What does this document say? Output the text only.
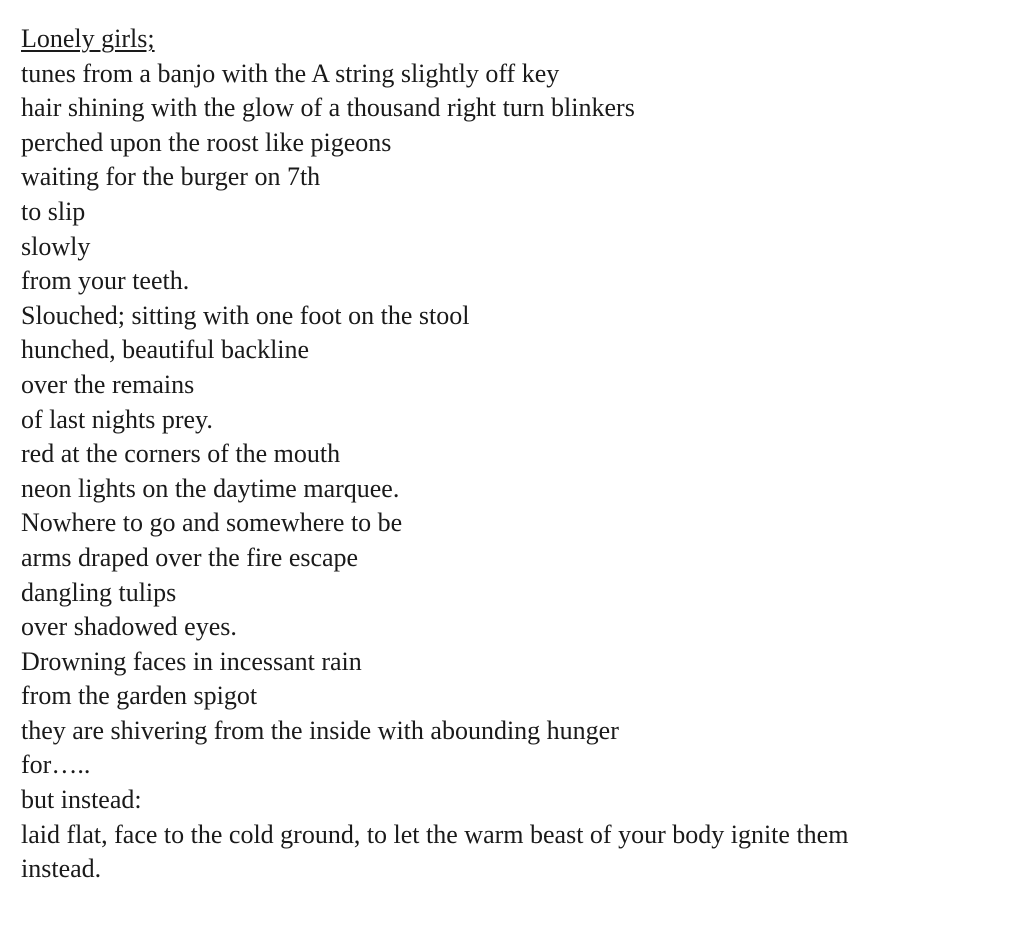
Lonely girls;
tunes from a banjo with the A string slightly off key
hair shining with the glow of a thousand right turn blinkers
perched upon the roost like pigeons
waiting for the burger on 7th
to slip
slowly
from your teeth.
Slouched; sitting with one foot on the stool
hunched, beautiful backline
over the remains
of last nights prey.
red at the corners of the mouth
neon lights on the daytime marquee.
Nowhere to go and somewhere to be
arms draped over the fire escape
dangling tulips
over shadowed eyes.
Drowning faces in incessant rain
from the garden spigot
they are shivering from the inside with abounding hunger
for…..
but instead:
laid flat, face to the cold ground, to let the warm beast of your body ignite them
instead.
